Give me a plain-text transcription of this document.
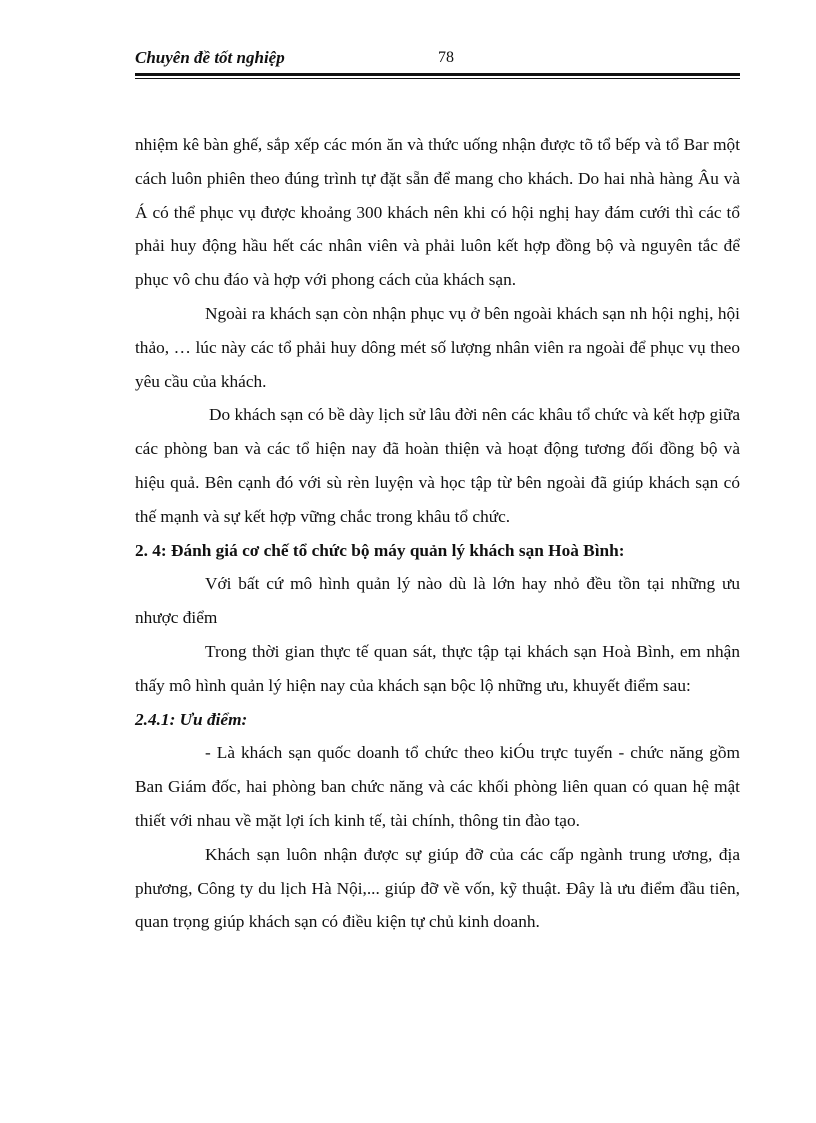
Chuyên đề tốt nghiệp	78

nhiệm kê bàn ghế, sắp xếp các món ăn và thức uống nhận được tõ tổ bếp và tổ Bar một cách luôn phiên theo đúng trình tự đặt sẵn để mang cho khách. Do hai nhà hàng Âu và Á có thể phục vụ được khoảng 300 khách nên khi có hội nghị hay đám cưới thì các tổ phải huy động hầu hết các nhân viên và phải luôn kết hợp đồng bộ và nguyên tắc để phục vô chu đáo và hợp với phong cách của khách sạn.

Ngoài ra khách sạn còn nhận phục vụ ở bên ngoài khách sạn nh hội nghị, hội thảo, … lúc này các tổ phải huy dông mét số lượng nhân viên ra ngoài để phục vụ theo yêu cầu của khách.

Do khách sạn có bề dày lịch sử lâu đời nên các khâu tổ chức và kết hợp giữa các phòng ban và các tổ hiện nay đã hoàn thiện và hoạt động tương đối đồng bộ và hiệu quả. Bên cạnh đó với sù rèn luyện và học tập từ bên ngoài đã giúp khách sạn có thế mạnh và sự kết hợp vững chắc trong khâu tổ chức.

2. 4: Đánh giá cơ chế tổ chức bộ máy quản lý khách sạn Hoà Bình:

Với bất cứ mô hình quản lý nào dù là lớn hay nhỏ đều tồn tại những ưu nhược điểm

Trong thời gian thực tế quan sát, thực tập tại khách sạn Hoà Bình, em nhận thấy mô hình quản lý hiện nay của khách sạn bộc lộ những ưu, khuyết điểm sau:

2.4.1: Ưu điểm:

- Là khách sạn quốc doanh tổ chức theo kiÓu trực tuyến - chức năng gồm Ban Giám đốc, hai phòng ban chức năng và các khối phòng liên quan có quan hệ mật thiết với nhau về mặt lợi ích kinh tế, tài chính, thông tin đào tạo.

Khách sạn luôn nhận được sự giúp đỡ của các cấp ngành trung ương, địa phương, Công ty du lịch Hà Nội,... giúp đỡ về vốn, kỹ thuật. Đây là ưu điểm đầu tiên, quan trọng giúp khách sạn có điều kiện tự chủ kinh doanh.
